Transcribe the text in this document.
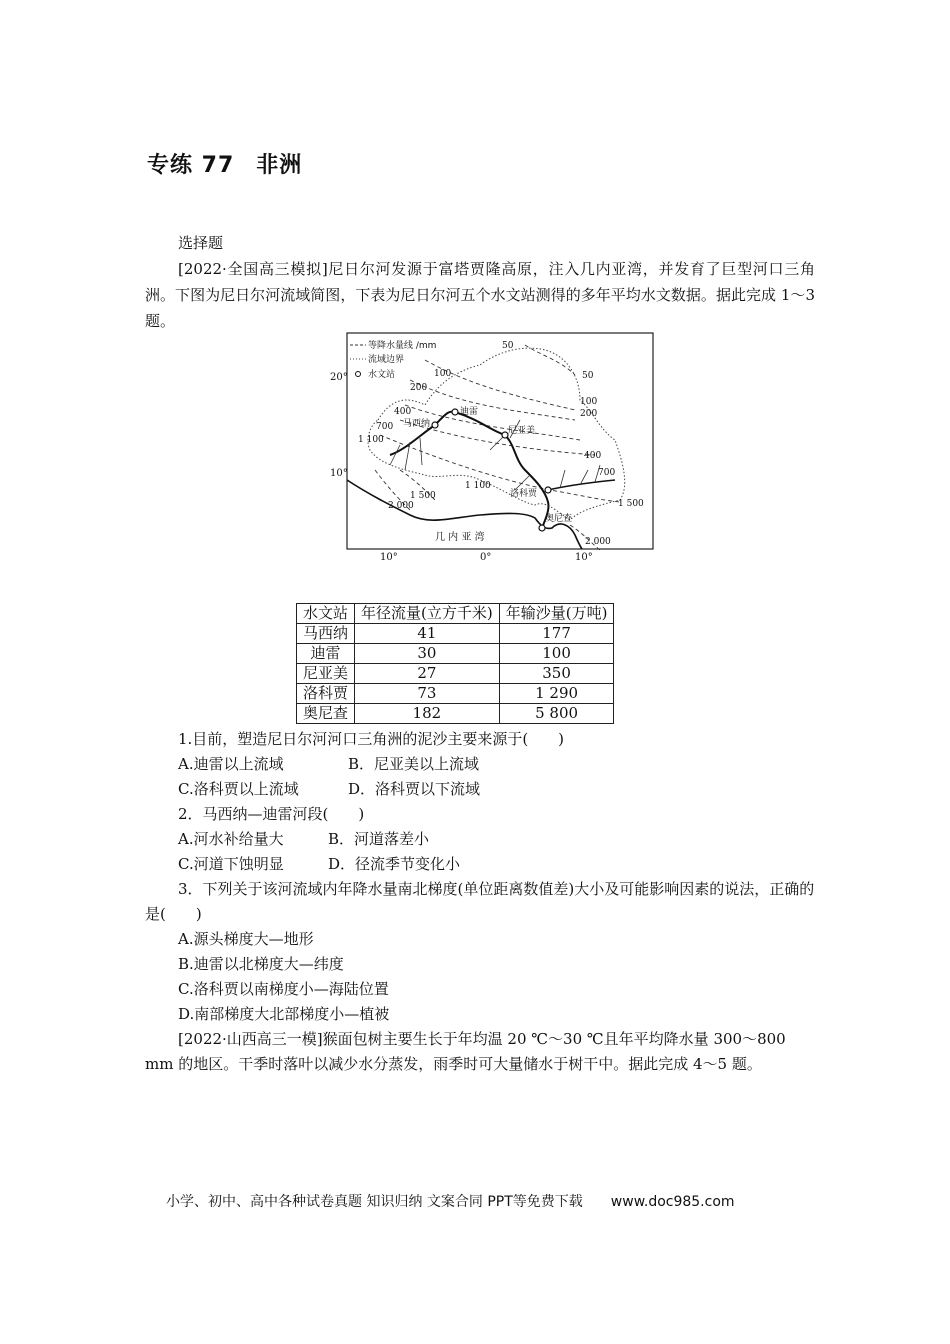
专练 77 非洲
选择题
[2022·全国高三模拟]尼日尔河发源于富塔贾隆高原，注入几内亚湾，并发育了巨型河口三角洲。下图为尼日尔河流域简图，下表为尼日尔河五个水文站测得的多年平均水文数据。据此完成 1～3 题。
等降水量线 /mm
流域边界
水文站
20°
10°
10°	0°	10°
迪雷
马西纳
尼亚美
洛科贾
奥尼查
几 内 亚 湾
50
50
100
100
200
200
400
400
700
700
1 100
1 100
1 500
1 500
2 000
2 000
水文站	年径流量(立方千米)	年输沙量(万吨)
马西纳	41	177
迪雷	30	100
尼亚美	27	350
洛科贾	73	1 290
奥尼查	182	5 800
1.目前，塑造尼日尔河河口三角洲的泥沙主要来源于(　　)
A.迪雷以上流域	B．尼亚美以上流域
C.洛科贾以上流域	D．洛科贾以下流域
2．马西纳—迪雷河段(　　)
A.河水补给量大	B．河道落差小
C.河道下蚀明显	D．径流季节变化小
3．下列关于该河流域内年降水量南北梯度(单位距离数值差)大小及可能影响因素的说法，正确的是(　　)
A.源头梯度大—地形
B.迪雷以北梯度大—纬度
C.洛科贾以南梯度小—海陆位置
D.南部梯度大北部梯度小—植被
[2022·山西高三一模]猴面包树主要生长于年均温 20 ℃～30 ℃且年平均降水量 300～800 mm 的地区。干季时落叶以减少水分蒸发，雨季时可大量储水于树干中。据此完成 4～5 题。
小学、初中、高中各种试卷真题 知识归纳 文案合同 PPT等免费下载 www.doc985.com
